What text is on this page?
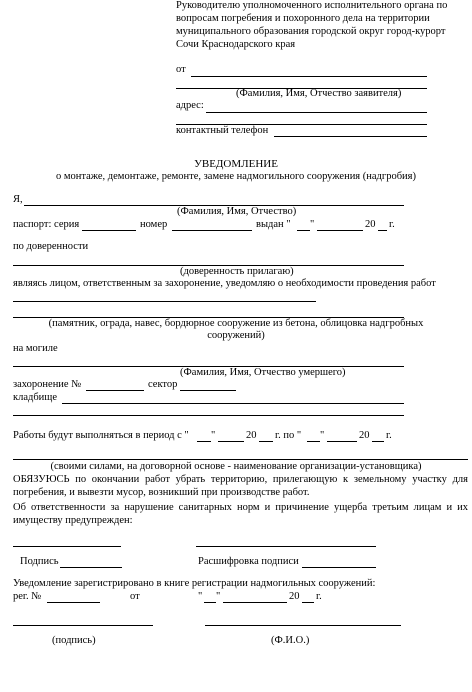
Руководителю уполномоченного исполнительного органа по
вопросам погребения и похоронного дела на территории
муниципального образования городской округ город-курорт
Сочи Краснодарского края
от
(Фамилия, Имя, Отчество заявителя)
адрес:
контактный телефон
УВЕДОМЛЕНИЕ
о монтаже, демонтаже, ремонте, замене надмогильного сооружения (надгробия)
Я,
(Фамилия, Имя, Отчество)
паспорт: серия	номер	выдан " "	20 г.
по доверенности
(доверенность прилагаю)
являясь лицом, ответственным за захоронение, уведомляю о необходимости проведения работ
(памятник, ограда, навес, бордюрное сооружение из бетона, облицовка надгробных
сооружений)
на могиле
(Фамилия, Имя, Отчество умершего)
захоронение №	сектор
кладбище
Работы будут выполняться в период с " "	20 г. по " "	20 г.
(своими силами, на договорной основе - наименование организации-установщика)
ОБЯЗУЮСЬ по окончании работ убрать территорию, прилегающую к земельному участку для погребения, и вывезти мусор, возникший при производстве работ.
Об ответственности за нарушение санитарных норм и причинение ущерба третьим лицам и их имуществу предупрежден:
Подпись	Расшифровка подписи
Уведомление зарегистрировано в книге регистрации надмогильных сооружений:
рег. №	от	" "	20 г.
(подпись)	(Ф.И.О.)
